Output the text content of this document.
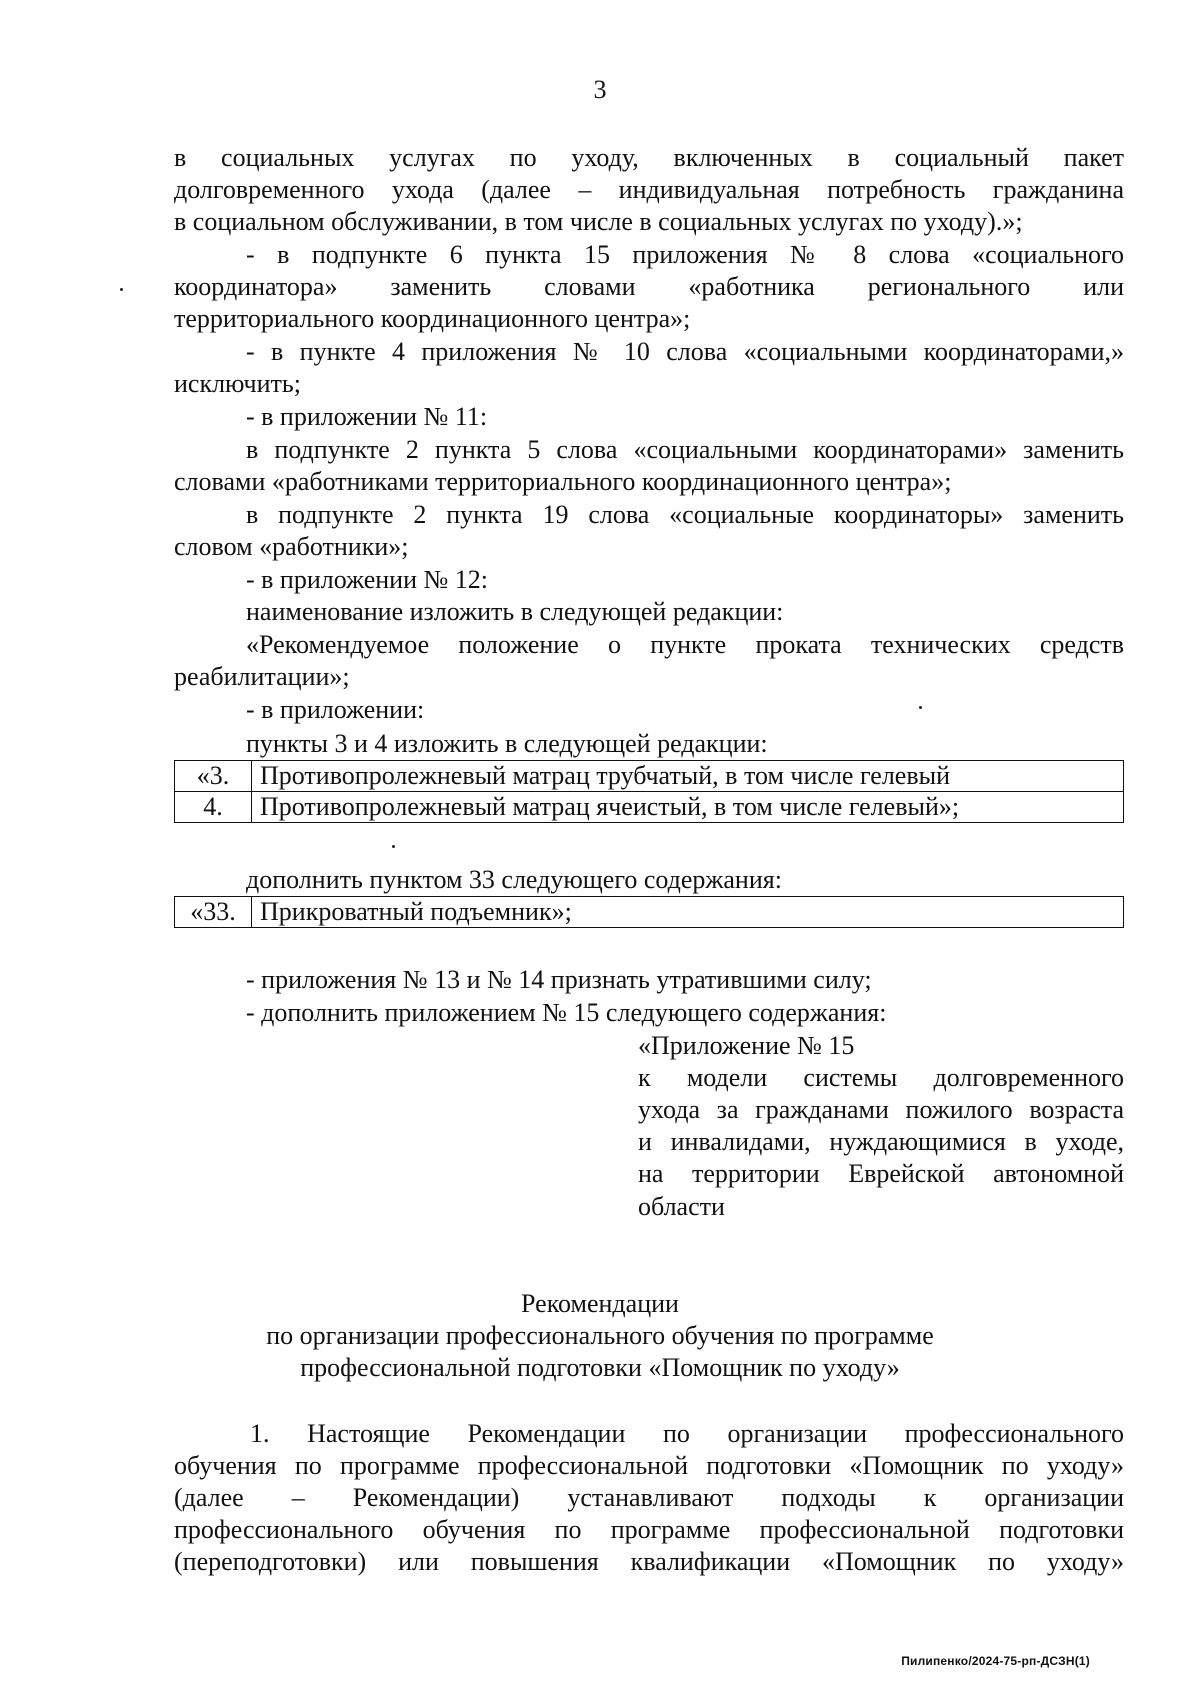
3
в социальных услугах по уходу, включенных в социальный пакет
долговременного ухода (далее – индивидуальная потребность гражданина
в социальном обслуживании, в том числе в социальных услугах по уходу).»;
- в подпункте 6 пункта 15 приложения № 8 слова «социального
координатора» заменить словами «работника регионального или
территориального координационного центра»;
- в пункте 4 приложения № 10 слова «социальными координаторами,»
исключить;
- в приложении № 11:
в подпункте 2 пункта 5 слова «социальными координаторами» заменить
словами «работниками территориального координационного центра»;
в подпункте 2 пункта 19 слова «социальные координаторы» заменить
словом «работники»;
- в приложении № 12:
наименование изложить в следующей редакции:
«Рекомендуемое положение о пункте проката технических средств
реабилитации»;
- в приложении:
пункты 3 и 4 изложить в следующей редакции:
«3.	Противопролежневый матрац трубчатый, в том числе гелевый
4.	Противопролежневый матрац ячеистый, в том числе гелевый»;
дополнить пунктом 33 следующего содержания:
«33.	Прикроватный подъемник»;
- приложения № 13 и № 14 признать утратившими силу;
- дополнить приложением № 15 следующего содержания:
«Приложение № 15
к модели системы долговременного
ухода за гражданами пожилого возраста
и инвалидами, нуждающимися в уходе,
на территории Еврейской автономной
области
Рекомендации
по организации профессионального обучения по программе
профессиональной подготовки «Помощник по уходу»
1. Настоящие Рекомендации по организации профессионального
обучения по программе профессиональной подготовки «Помощник по уходу»
(далее – Рекомендации) устанавливают подходы к организации
профессионального обучения по программе профессиональной подготовки
(переподготовки) или повышения квалификации «Помощник по уходу»
Пилипенко/2024-75-рп-ДСЗН(1)
